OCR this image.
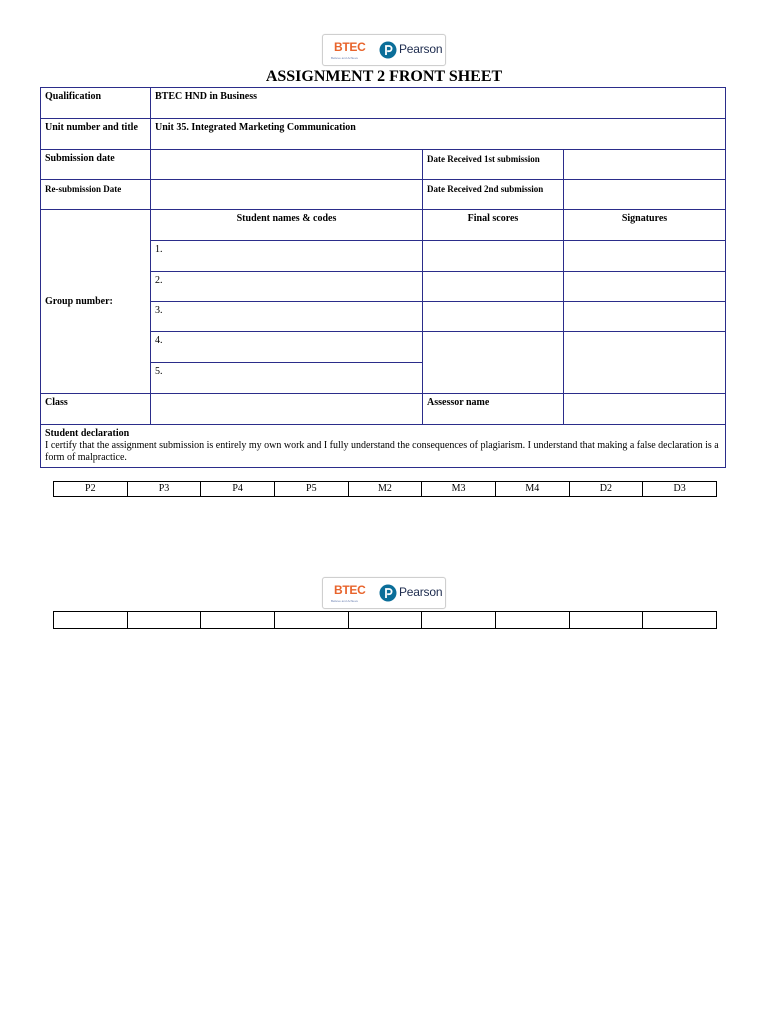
BTEC
Believe and Achieve
Pearson
ASSIGNMENT 2 FRONT SHEET
Qualification	BTEC HND in Business		
Unit number and title	Unit 35. Integrated Marketing Communication		
Submission date		Date Received 1st submission	
Re-submission Date		Date Received 2nd submission	
Group number:	Student names & codes	Final scores	Signatures
	1.		
	2.		
	3.		
	4.		
	5.		
Class		Assessor name	

Student declaration
I certify that the assignment submission is entirely my own work and I fully understand the consequences of plagiarism. I understand that making a false declaration is a form of malpractice.			
P2	P3	P4	P5	M2	M3	M4	D2	D3
BTEC
Believe and Achieve
Pearson
